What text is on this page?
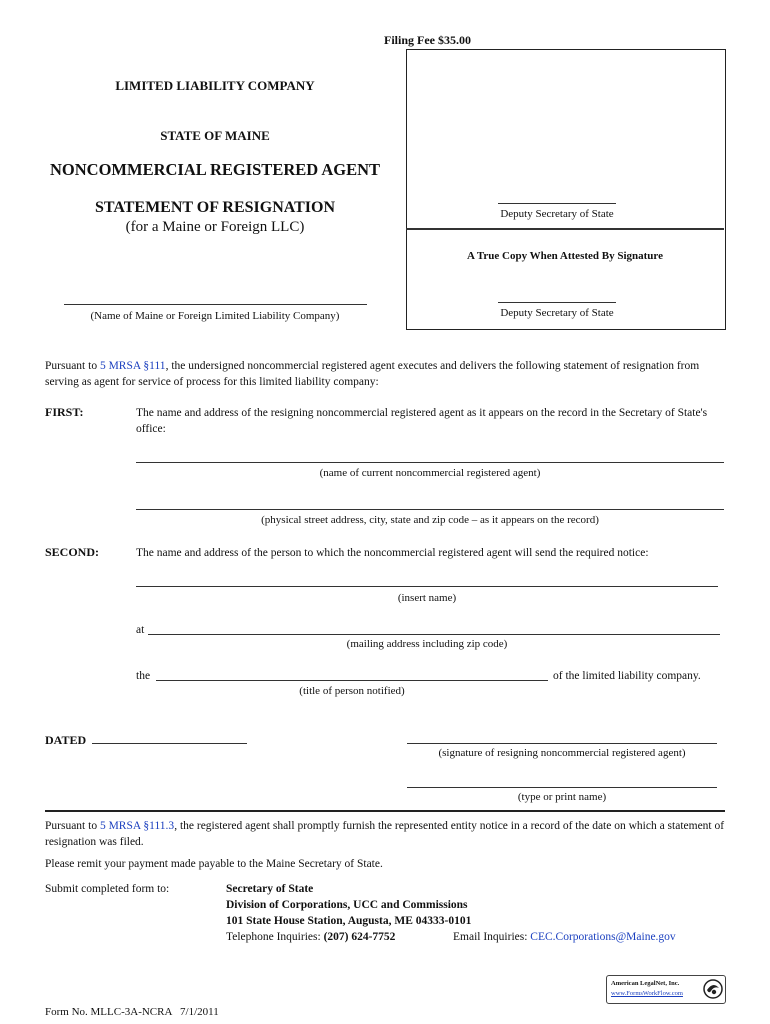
Filing Fee $35.00
LIMITED LIABILITY COMPANY
STATE OF MAINE
NONCOMMERCIAL REGISTERED AGENT
STATEMENT OF RESIGNATION
(for a Maine or Foreign LLC)
Deputy Secretary of State
A True Copy When Attested By Signature
Deputy Secretary of State
(Name of Maine or Foreign Limited Liability Company)
Pursuant to 5 MRSA §111, the undersigned noncommercial registered agent executes and delivers the following statement of resignation from serving as agent for service of process for this limited liability company:
FIRST:	The name and address of the resigning noncommercial registered agent as it appears on the record in the Secretary of State's office:
(name of current noncommercial registered agent)
(physical street address, city, state and zip code – as it appears on the record)
SECOND:	The name and address of the person to which the noncommercial registered agent will send the required notice:
(insert name)
at
(mailing address including zip code)
the	of the limited liability company.
(title of person notified)
DATED
(signature of resigning noncommercial registered agent)
(type or print name)
Pursuant to 5 MRSA §111.3, the registered agent shall promptly furnish the represented entity notice in a record of the date on which a statement of resignation was filed.
Please remit your payment made payable to the Maine Secretary of State.
Submit completed form to:	Secretary of State
Division of Corporations, UCC and Commissions
101 State House Station, Augusta, ME 04333-0101
Telephone Inquiries: (207) 624-7752	Email Inquiries: CEC.Corporations@Maine.gov
American LegalNet, Inc.
www.FormsWorkFlow.com
Form No. MLLC-3A-NCRA   7/1/2011
